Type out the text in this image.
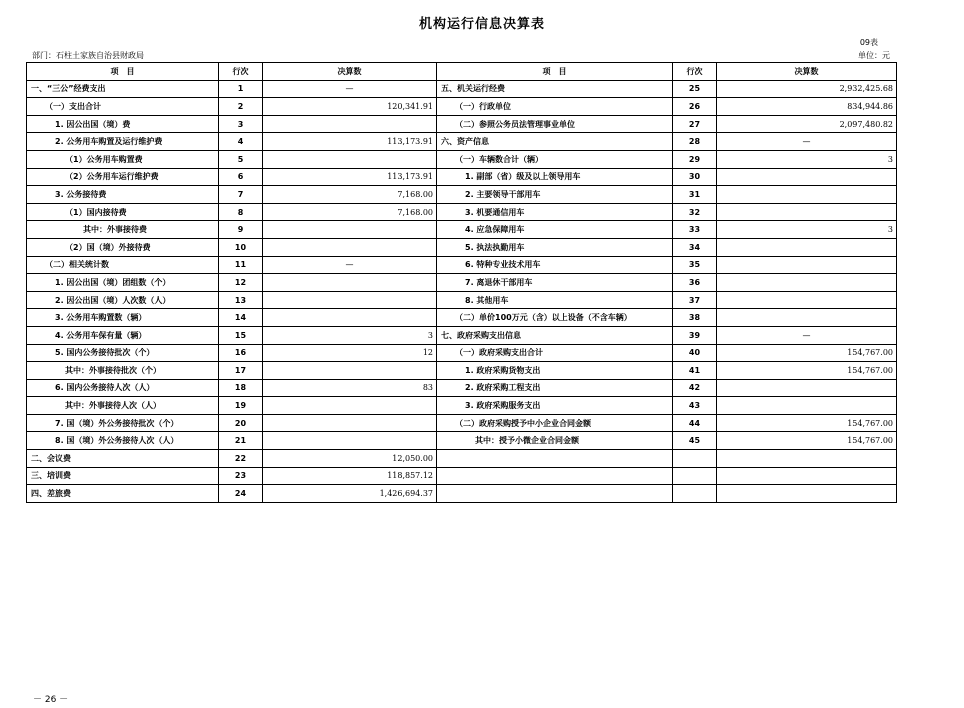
机构运行信息决算表
09表
部门：石柱土家族自治县财政局	单位：元
项　目	行次	决算数	项　目	行次	决算数
一、“三公”经费支出	1	—	五、机关运行经费	25	2,932,425.68
（一）支出合计	2	120,341.91	（一）行政单位	26	834,944.86
1. 因公出国（境）费	3		（二）参照公务员法管理事业单位	27	2,097,480.82
2. 公务用车购置及运行维护费	4	113,173.91	六、资产信息	28	—
（1）公务用车购置费	5		（一）车辆数合计（辆）	29	3
（2）公务用车运行维护费	6	113,173.91	1. 副部（省）级及以上领导用车	30	
3. 公务接待费	7	7,168.00	2. 主要领导干部用车	31	
（1）国内接待费	8	7,168.00	3. 机要通信用车	32	
其中：外事接待费	9		4. 应急保障用车	33	3
（2）国（境）外接待费	10		5. 执法执勤用车	34	
（二）相关统计数	11	—	6. 特种专业技术用车	35	
1. 因公出国（境）团组数（个）	12		7. 离退休干部用车	36	
2. 因公出国（境）人次数（人）	13		8. 其他用车	37	
3. 公务用车购置数（辆）	14		（二）单价100万元（含）以上设备（不含车辆）	38	
4. 公务用车保有量（辆）	15	3	七、政府采购支出信息	39	—
5. 国内公务接待批次（个）	16	12	（一）政府采购支出合计	40	154,767.00
其中：外事接待批次（个）	17		1. 政府采购货物支出	41	154,767.00
6. 国内公务接待人次（人）	18	83	2. 政府采购工程支出	42	
其中：外事接待人次（人）	19		3. 政府采购服务支出	43	
7. 国（境）外公务接待批次（个）	20		（二）政府采购授予中小企业合同金额	44	154,767.00
8. 国（境）外公务接待人次（人）	21		其中：授予小微企业合同金额	45	154,767.00
二、会议费	22	12,050.00			
三、培训费	23	118,857.12			
四、差旅费	24	1,426,694.37			
－ 26 －
